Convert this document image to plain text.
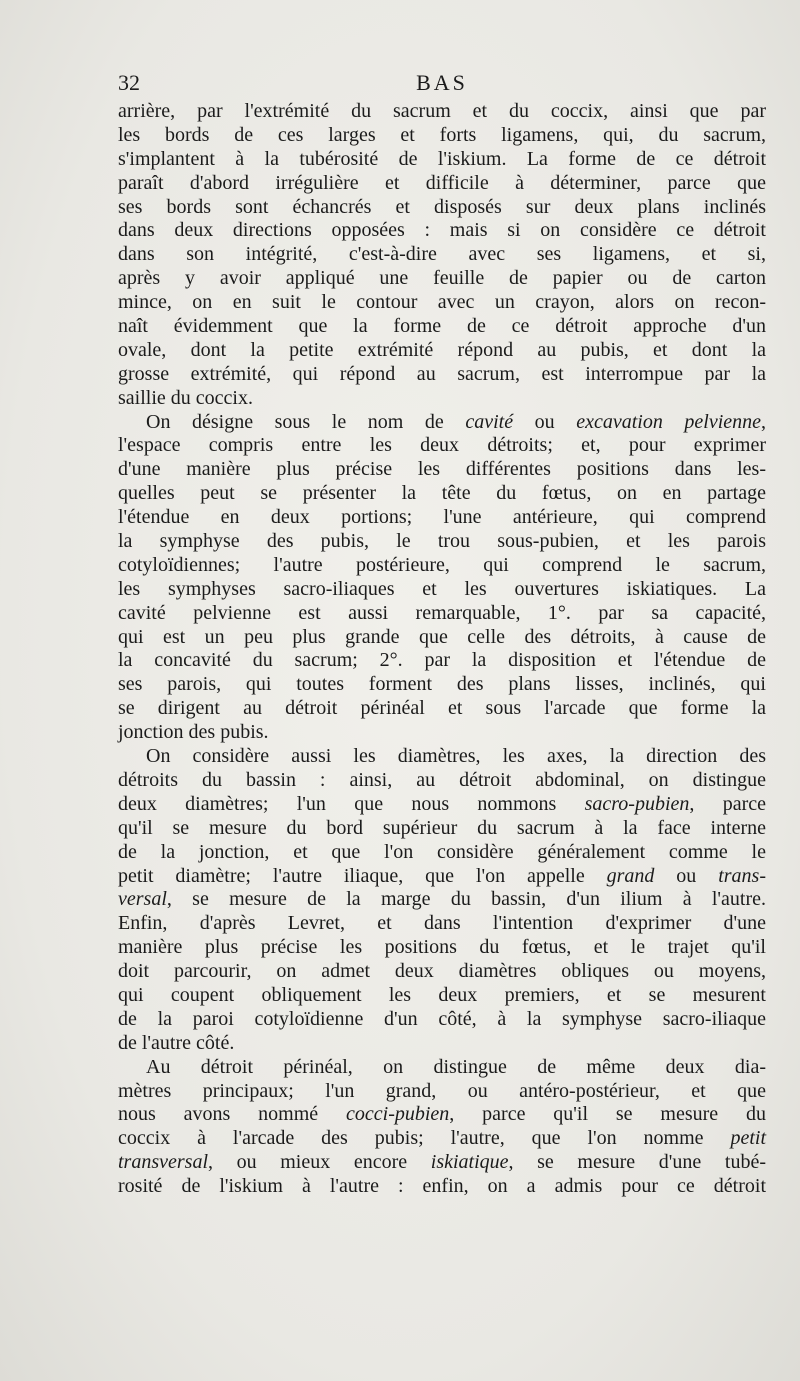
32	BAS
arrière, par l'extrémité du sacrum et du coccix, ainsi que par
les bords de ces larges et forts ligamens, qui, du sacrum,
s'implantent à la tubérosité de l'iskium. La forme de ce détroit
paraît d'abord irrégulière et difficile à déterminer, parce que
ses bords sont échancrés et disposés sur deux plans inclinés
dans deux directions opposées : mais si on considère ce détroit
dans son intégrité, c'est-à-dire avec ses ligamens, et si,
après y avoir appliqué une feuille de papier ou de carton
mince, on en suit le contour avec un crayon, alors on recon-
naît évidemment que la forme de ce détroit approche d'un
ovale, dont la petite extrémité répond au pubis, et dont la
grosse extrémité, qui répond au sacrum, est interrompue par la
saillie du coccix.
On désigne sous le nom de cavité ou excavation pelvienne,
l'espace compris entre les deux détroits; et, pour exprimer
d'une manière plus précise les différentes positions dans les-
quelles peut se présenter la tête du fœtus, on en partage
l'étendue en deux portions; l'une antérieure, qui comprend
la symphyse des pubis, le trou sous-pubien, et les parois
cotyloïdiennes; l'autre postérieure, qui comprend le sacrum,
les symphyses sacro-iliaques et les ouvertures iskiatiques. La
cavité pelvienne est aussi remarquable, 1°. par sa capacité,
qui est un peu plus grande que celle des détroits, à cause de
la concavité du sacrum; 2°. par la disposition et l'étendue de
ses parois, qui toutes forment des plans lisses, inclinés, qui
se dirigent au détroit périnéal et sous l'arcade que forme la
jonction des pubis.
On considère aussi les diamètres, les axes, la direction des
détroits du bassin : ainsi, au détroit abdominal, on distingue
deux diamètres; l'un que nous nommons sacro-pubien, parce
qu'il se mesure du bord supérieur du sacrum à la face interne
de la jonction, et que l'on considère généralement comme le
petit diamètre; l'autre iliaque, que l'on appelle grand ou trans-
versal, se mesure de la marge du bassin, d'un ilium à l'autre.
Enfin, d'après Levret, et dans l'intention d'exprimer d'une
manière plus précise les positions du fœtus, et le trajet qu'il
doit parcourir, on admet deux diamètres obliques ou moyens,
qui coupent obliquement les deux premiers, et se mesurent
de la paroi cotyloïdienne d'un côté, à la symphyse sacro-iliaque
de l'autre côté.
Au détroit périnéal, on distingue de même deux dia-
mètres principaux; l'un grand, ou antéro-postérieur, et que
nous avons nommé cocci-pubien, parce qu'il se mesure du
coccix à l'arcade des pubis; l'autre, que l'on nomme petit
transversal, ou mieux encore iskiatique, se mesure d'une tubé-
rosité de l'iskium à l'autre : enfin, on a admis pour ce détroit
